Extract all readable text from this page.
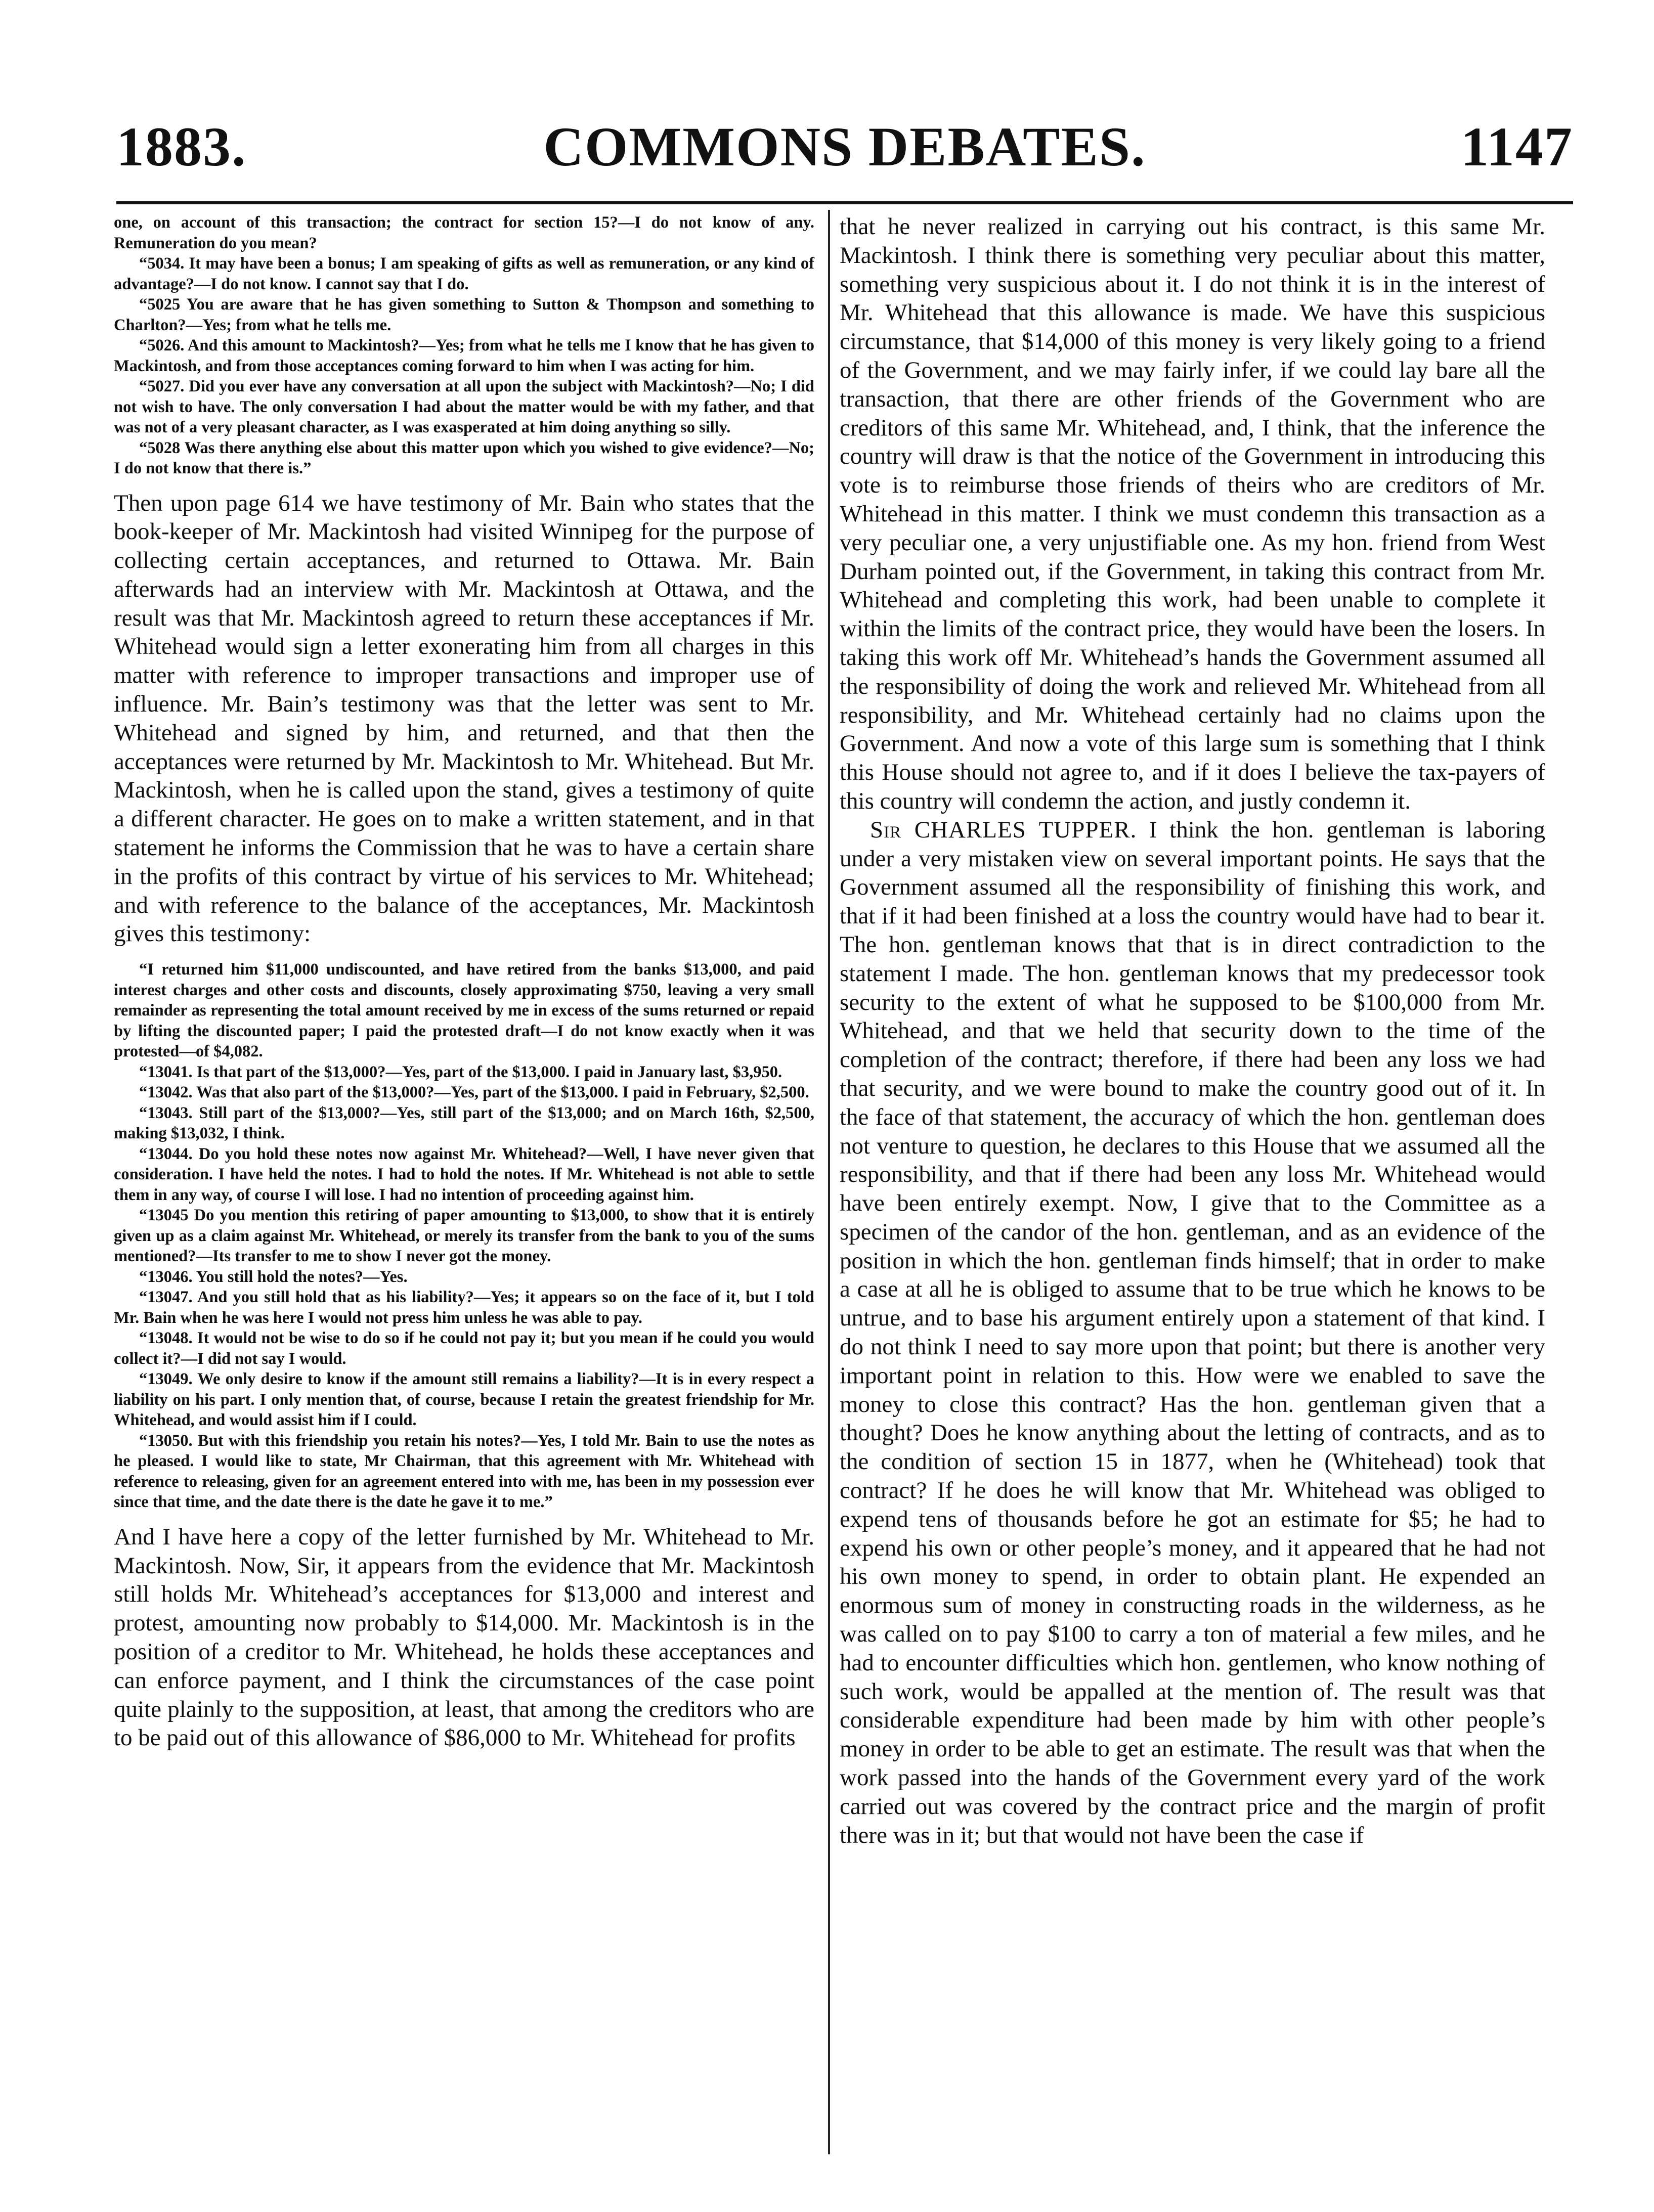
1883.	COMMONS DEBATES.	1147

one, on account of this transaction; the contract for section 15?—I do not know of any. Remuneration do you mean?

“5034. It may have been a bonus; I am speaking of gifts as well as remuneration, or any kind of advantage?—I do not know. I cannot say that I do.

“5025 You are aware that he has given something to Sutton & Thompson and something to Charlton?—Yes; from what he tells me.

“5026. And this amount to Mackintosh?—Yes; from what he tells me I know that he has given to Mackintosh, and from those acceptances coming forward to him when I was acting for him.

“5027. Did you ever have any conversation at all upon the subject with Mackintosh?—No; I did not wish to have. The only conversation I had about the matter would be with my father, and that was not of a very pleasant character, as I was exasperated at him doing anything so silly.

“5028 Was there anything else about this matter upon which you wished to give evidence?—No; I do not know that there is.”

Then upon page 614 we have testimony of Mr. Bain who states that the book-keeper of Mr. Mackintosh had visited Winnipeg for the purpose of collecting certain acceptances, and returned to Ottawa. Mr. Bain afterwards had an interview with Mr. Mackintosh at Ottawa, and the result was that Mr. Mackintosh agreed to return these acceptances if Mr. Whitehead would sign a letter exonerating him from all charges in this matter with reference to improper transactions and improper use of influence. Mr. Bain’s testimony was that the letter was sent to Mr. Whitehead and signed by him, and returned, and that then the acceptances were returned by Mr. Mackintosh to Mr. Whitehead. But Mr. Mackintosh, when he is called upon the stand, gives a testimony of quite a different character. He goes on to make a written statement, and in that statement he informs the Commission that he was to have a certain share in the profits of this contract by virtue of his services to Mr. Whitehead; and with reference to the balance of the acceptances, Mr. Mackintosh gives this testimony:

“I returned him $11,000 undiscounted, and have retired from the banks $13,000, and paid interest charges and other costs and discounts, closely approximating $750, leaving a very small remainder as representing the total amount received by me in excess of the sums returned or repaid by lifting the discounted paper; I paid the protested draft—I do not know exactly when it was protested—of $4,082.

“13041. Is that part of the $13,000?—Yes, part of the $13,000. I paid in January last, $3,950.

“13042. Was that also part of the $13,000?—Yes, part of the $13,000. I paid in February, $2,500.

“13043. Still part of the $13,000?—Yes, still part of the $13,000; and on March 16th, $2,500, making $13,032, I think.

“13044. Do you hold these notes now against Mr. Whitehead?—Well, I have never given that consideration. I have held the notes. I had to hold the notes. If Mr. Whitehead is not able to settle them in any way, of course I will lose. I had no intention of proceeding against him.

“13045 Do you mention this retiring of paper amounting to $13,000, to show that it is entirely given up as a claim against Mr. Whitehead, or merely its transfer from the bank to you of the sums mentioned?—Its transfer to me to show I never got the money.

“13046. You still hold the notes?—Yes.

“13047. And you still hold that as his liability?—Yes; it appears so on the face of it, but I told Mr. Bain when he was here I would not press him unless he was able to pay.

“13048. It would not be wise to do so if he could not pay it; but you mean if he could you would collect it?—I did not say I would.

“13049. We only desire to know if the amount still remains a liability?—It is in every respect a liability on his part. I only mention that, of course, because I retain the greatest friendship for Mr. Whitehead, and would assist him if I could.

“13050. But with this friendship you retain his notes?—Yes, I told Mr. Bain to use the notes as he pleased. I would like to state, Mr Chairman, that this agreement with Mr. Whitehead with reference to releasing, given for an agreement entered into with me, has been in my possession ever since that time, and the date there is the date he gave it to me.”

And I have here a copy of the letter furnished by Mr. Whitehead to Mr. Mackintosh. Now, Sir, it appears from the evidence that Mr. Mackintosh still holds Mr. Whitehead’s acceptances for $13,000 and interest and protest, amounting now probably to $14,000. Mr. Mackintosh is in the position of a creditor to Mr. Whitehead, he holds these acceptances and can enforce payment, and I think the circumstances of the case point quite plainly to the supposition, at least, that among the creditors who are to be paid out of this allowance of $86,000 to Mr. Whitehead for profits

that he never realized in carrying out his contract, is this same Mr. Mackintosh. I think there is something very peculiar about this matter, something very suspicious about it. I do not think it is in the interest of Mr. Whitehead that this allowance is made. We have this suspicious circumstance, that $14,000 of this money is very likely going to a friend of the Government, and we may fairly infer, if we could lay bare all the transaction, that there are other friends of the Government who are creditors of this same Mr. Whitehead, and, I think, that the inference the country will draw is that the notice of the Government in introducing this vote is to reimburse those friends of theirs who are creditors of Mr. Whitehead in this matter. I think we must condemn this transaction as a very peculiar one, a very unjustifiable one. As my hon. friend from West Durham pointed out, if the Government, in taking this contract from Mr. Whitehead and completing this work, had been unable to complete it within the limits of the contract price, they would have been the losers. In taking this work off Mr. Whitehead’s hands the Government assumed all the responsibility of doing the work and relieved Mr. Whitehead from all responsibility, and Mr. Whitehead certainly had no claims upon the Government. And now a vote of this large sum is something that I think this House should not agree to, and if it does I believe the tax-payers of this country will condemn the action, and justly condemn it.

Sir CHARLES TUPPER. I think the hon. gentleman is laboring under a very mistaken view on several important points. He says that the Government assumed all the responsibility of finishing this work, and that if it had been finished at a loss the country would have had to bear it. The hon. gentleman knows that that is in direct contradiction to the statement I made. The hon. gentleman knows that my predecessor took security to the extent of what he supposed to be $100,000 from Mr. Whitehead, and that we held that security down to the time of the completion of the contract; therefore, if there had been any loss we had that security, and we were bound to make the country good out of it. In the face of that statement, the accuracy of which the hon. gentleman does not venture to question, he declares to this House that we assumed all the responsibility, and that if there had been any loss Mr. Whitehead would have been entirely exempt. Now, I give that to the Committee as a specimen of the candor of the hon. gentleman, and as an evidence of the position in which the hon. gentleman finds himself; that in order to make a case at all he is obliged to assume that to be true which he knows to be untrue, and to base his argument entirely upon a statement of that kind. I do not think I need to say more upon that point; but there is another very important point in relation to this. How were we enabled to save the money to close this contract? Has the hon. gentleman given that a thought? Does he know anything about the letting of contracts, and as to the condition of section 15 in 1877, when he (Whitehead) took that contract? If he does he will know that Mr. Whitehead was obliged to expend tens of thousands before he got an estimate for $5; he had to expend his own or other people’s money, and it appeared that he had not his own money to spend, in order to obtain plant. He expended an enormous sum of money in constructing roads in the wilderness, as he was called on to pay $100 to carry a ton of material a few miles, and he had to encounter difficulties which hon. gentlemen, who know nothing of such work, would be appalled at the mention of. The result was that considerable expenditure had been made by him with other people’s money in order to be able to get an estimate. The result was that when the work passed into the hands of the Government every yard of the work carried out was covered by the contract price and the margin of profit there was in it; but that would not have been the case if
